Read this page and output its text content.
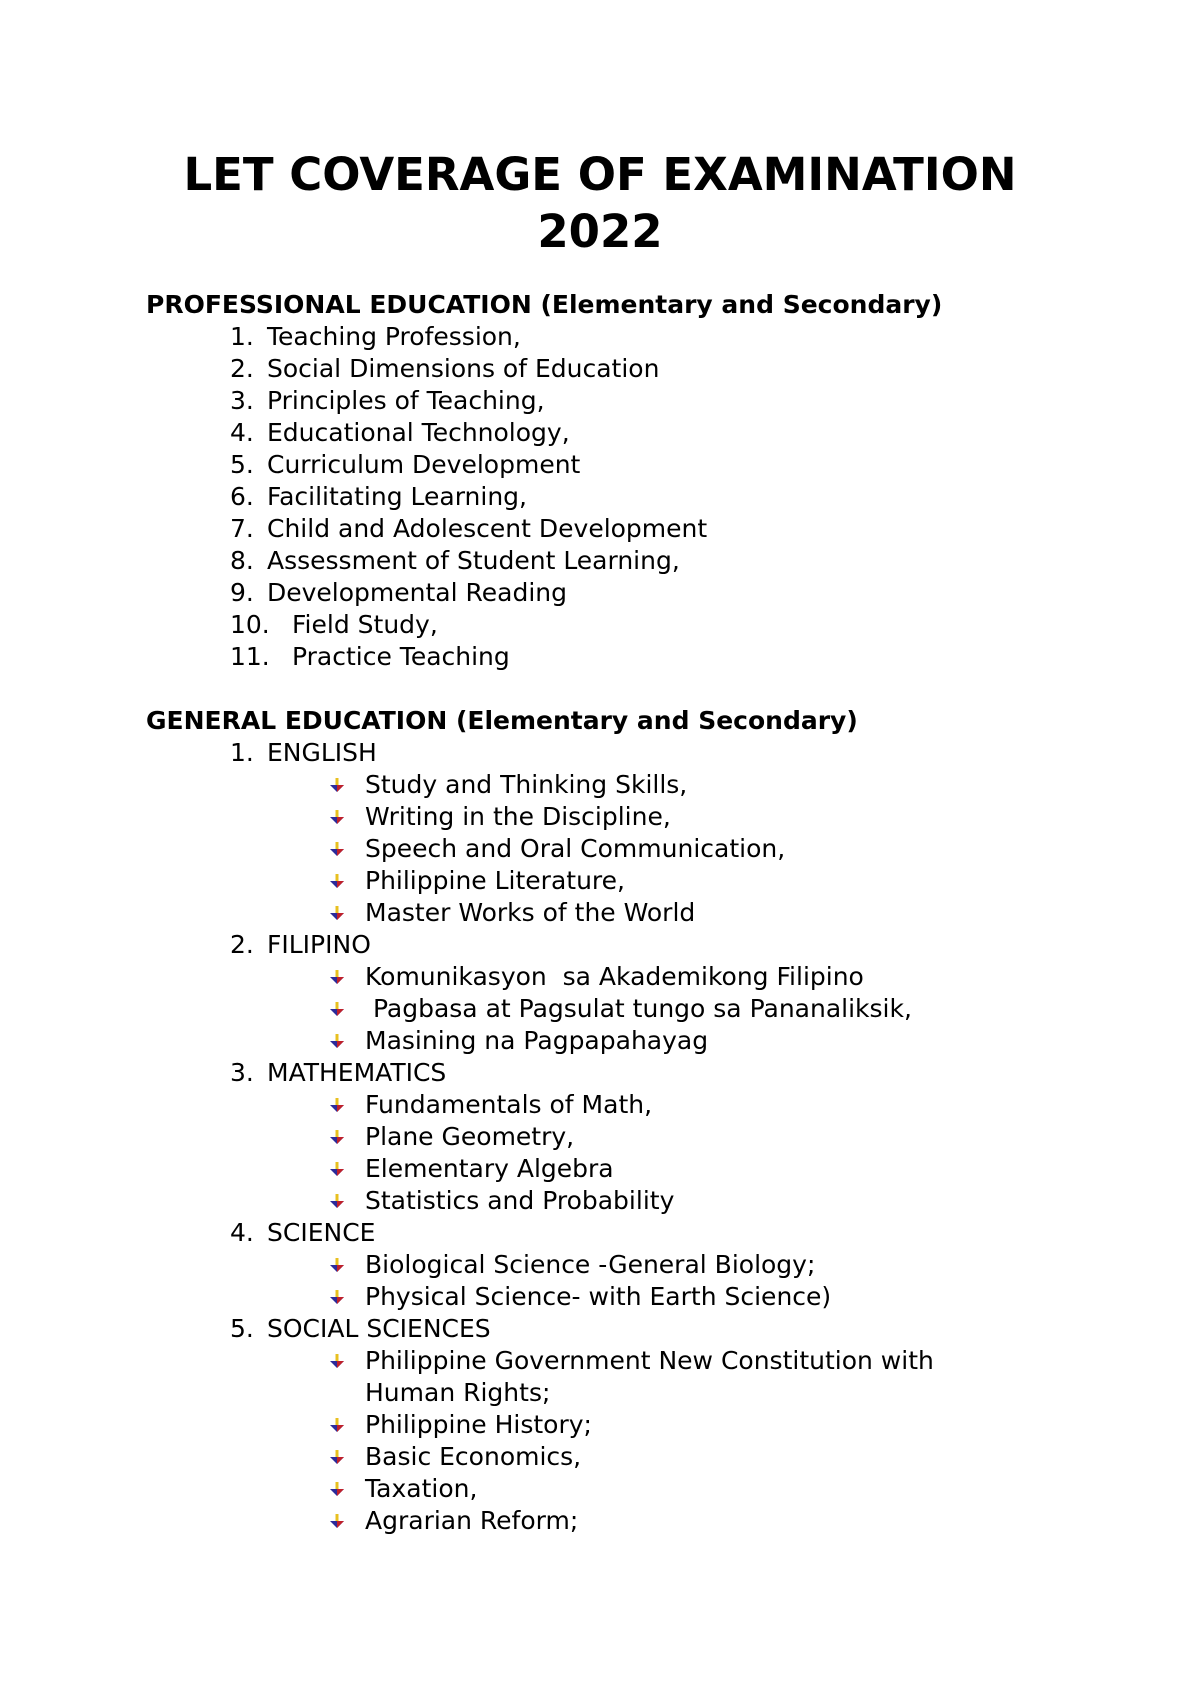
LET COVERAGE OF EXAMINATION
2022
PROFESSIONAL EDUCATION (Elementary and Secondary)
1. Teaching Profession,
2. Social Dimensions of Education
3. Principles of Teaching,
4. Educational Technology,
5. Curriculum Development
6. Facilitating Learning,
7. Child and Adolescent Development
8. Assessment of Student Learning,
9. Developmental Reading
10. Field Study,
11. Practice Teaching
GENERAL EDUCATION (Elementary and Secondary)
1. ENGLISH
Study and Thinking Skills,
Writing in the Discipline,
Speech and Oral Communication,
Philippine Literature,
Master Works of the World
2. FILIPINO
Komunikasyon  sa Akademikong Filipino
Pagbasa at Pagsulat tungo sa Pananaliksik,
Masining na Pagpapahayag
3. MATHEMATICS
Fundamentals of Math,
Plane Geometry,
Elementary Algebra
Statistics and Probability
4. SCIENCE
Biological Science -General Biology;
Physical Science- with Earth Science)
5. SOCIAL SCIENCES
Philippine Government New Constitution with Human Rights;
Philippine History;
Basic Economics,
Taxation,
Agrarian Reform;
